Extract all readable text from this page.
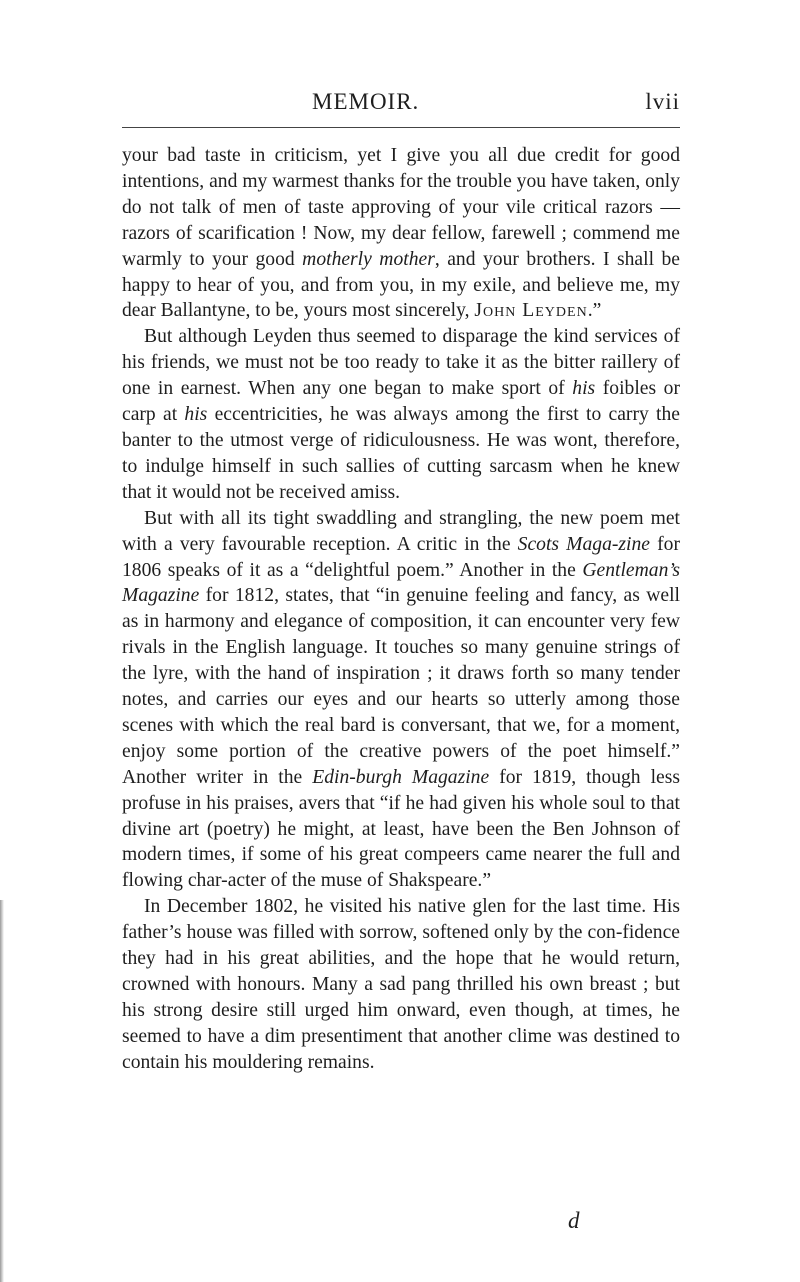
MEMOIR.	lvii

your bad taste in criticism, yet I give you all due credit for good intentions, and my warmest thanks for the trouble you have taken, only do not talk of men of taste approving of your vile critical razors —razors of scarification ! Now, my dear fellow, farewell ; commend me warmly to your good motherly mother, and your brothers. I shall be happy to hear of you, and from you, in my exile, and believe me, my dear Ballantyne, to be, yours most sincerely, John Leyden.”

But although Leyden thus seemed to disparage the kind services of his friends, we must not be too ready to take it as the bitter raillery of one in earnest. When any one began to make sport of his foibles or carp at his eccentricities, he was always among the first to carry the banter to the utmost verge of ridiculousness. He was wont, therefore, to indulge himself in such sallies of cutting sarcasm when he knew that it would not be received amiss.

But with all its tight swaddling and strangling, the new poem met with a very favourable reception. A critic in the Scots Maga-zine for 1806 speaks of it as a “delightful poem.” Another in the Gentleman’s Magazine for 1812, states, that “in genuine feeling and fancy, as well as in harmony and elegance of composition, it can encounter very few rivals in the English language. It touches so many genuine strings of the lyre, with the hand of inspiration ; it draws forth so many tender notes, and carries our eyes and our hearts so utterly among those scenes with which the real bard is conversant, that we, for a moment, enjoy some portion of the creative powers of the poet himself.” Another writer in the Edin-burgh Magazine for 1819, though less profuse in his praises, avers that “if he had given his whole soul to that divine art (poetry) he might, at least, have been the Ben Johnson of modern times, if some of his great compeers came nearer the full and flowing char-acter of the muse of Shakspeare.”

In December 1802, he visited his native glen for the last time. His father’s house was filled with sorrow, softened only by the con-fidence they had in his great abilities, and the hope that he would return, crowned with honours. Many a sad pang thrilled his own breast ; but his strong desire still urged him onward, even though, at times, he seemed to have a dim presentiment that another clime was destined to contain his mouldering remains.

d
